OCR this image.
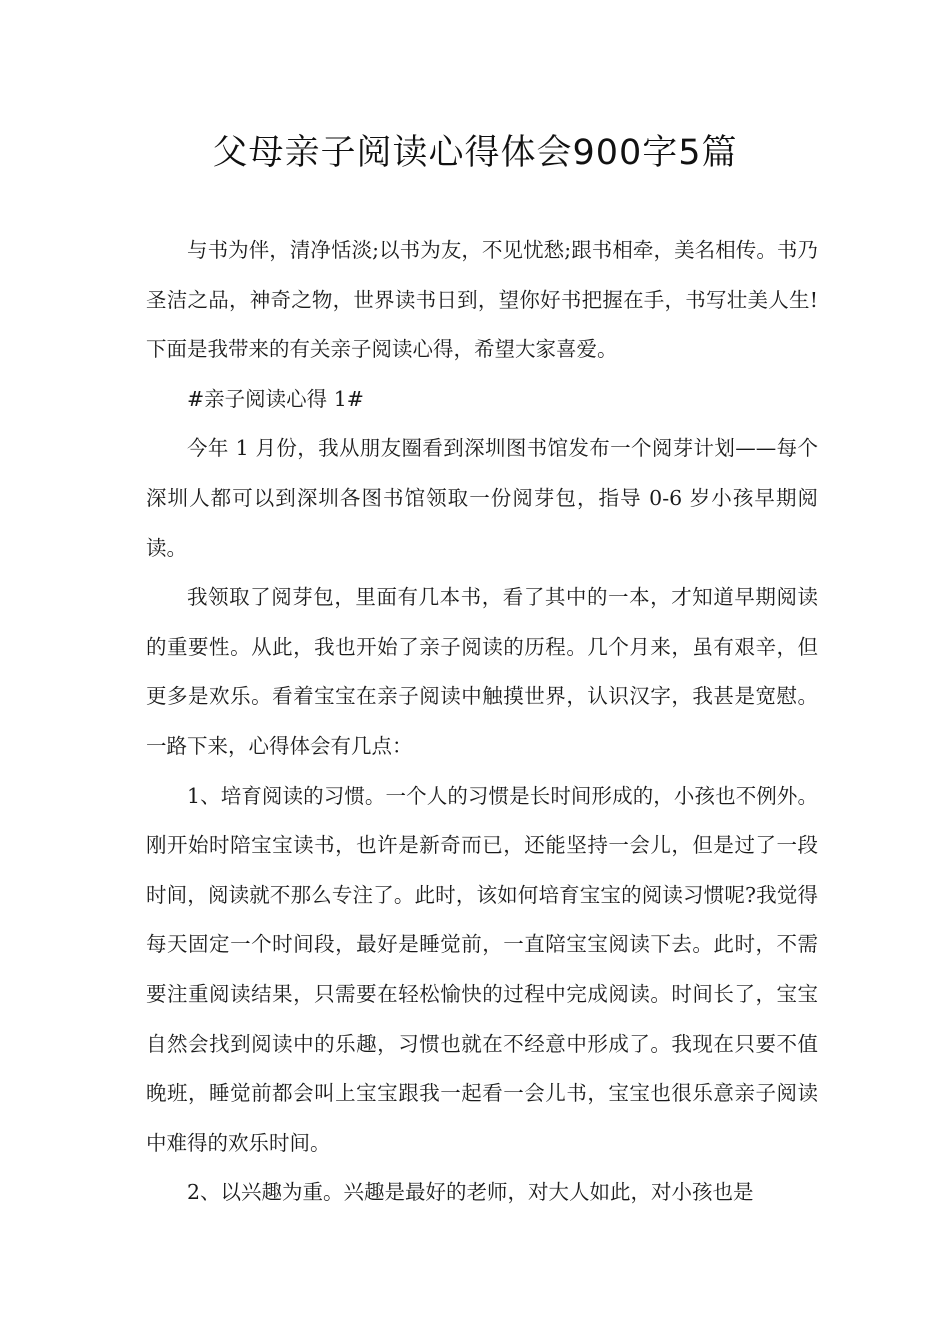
父母亲子阅读心得体会900字5篇

与书为伴，清净恬淡;以书为友，不见忧愁;跟书相牵，美名相传。书乃圣洁之品，神奇之物，世界读书日到，望你好书把握在手，书写壮美人生!下面是我带来的有关亲子阅读心得，希望大家喜爱。

#亲子阅读心得 1#

今年 1 月份，我从朋友圈看到深圳图书馆发布一个阅芽计划——每个深圳人都可以到深圳各图书馆领取一份阅芽包，指导 0-6 岁小孩早期阅读。

我领取了阅芽包，里面有几本书，看了其中的一本，才知道早期阅读的重要性。从此，我也开始了亲子阅读的历程。几个月来，虽有艰辛，但更多是欢乐。看着宝宝在亲子阅读中触摸世界，认识汉字，我甚是宽慰。一路下来，心得体会有几点：

1、培育阅读的习惯。一个人的习惯是长时间形成的，小孩也不例外。刚开始时陪宝宝读书，也许是新奇而已，还能坚持一会儿，但是过了一段时间，阅读就不那么专注了。此时，该如何培育宝宝的阅读习惯呢?我觉得每天固定一个时间段，最好是睡觉前，一直陪宝宝阅读下去。此时，不需要注重阅读结果，只需要在轻松愉快的过程中完成阅读。时间长了，宝宝自然会找到阅读中的乐趣，习惯也就在不经意中形成了。我现在只要不值晚班，睡觉前都会叫上宝宝跟我一起看一会儿书，宝宝也很乐意亲子阅读中难得的欢乐时间。

2、以兴趣为重。兴趣是最好的老师，对大人如此，对小孩也是
